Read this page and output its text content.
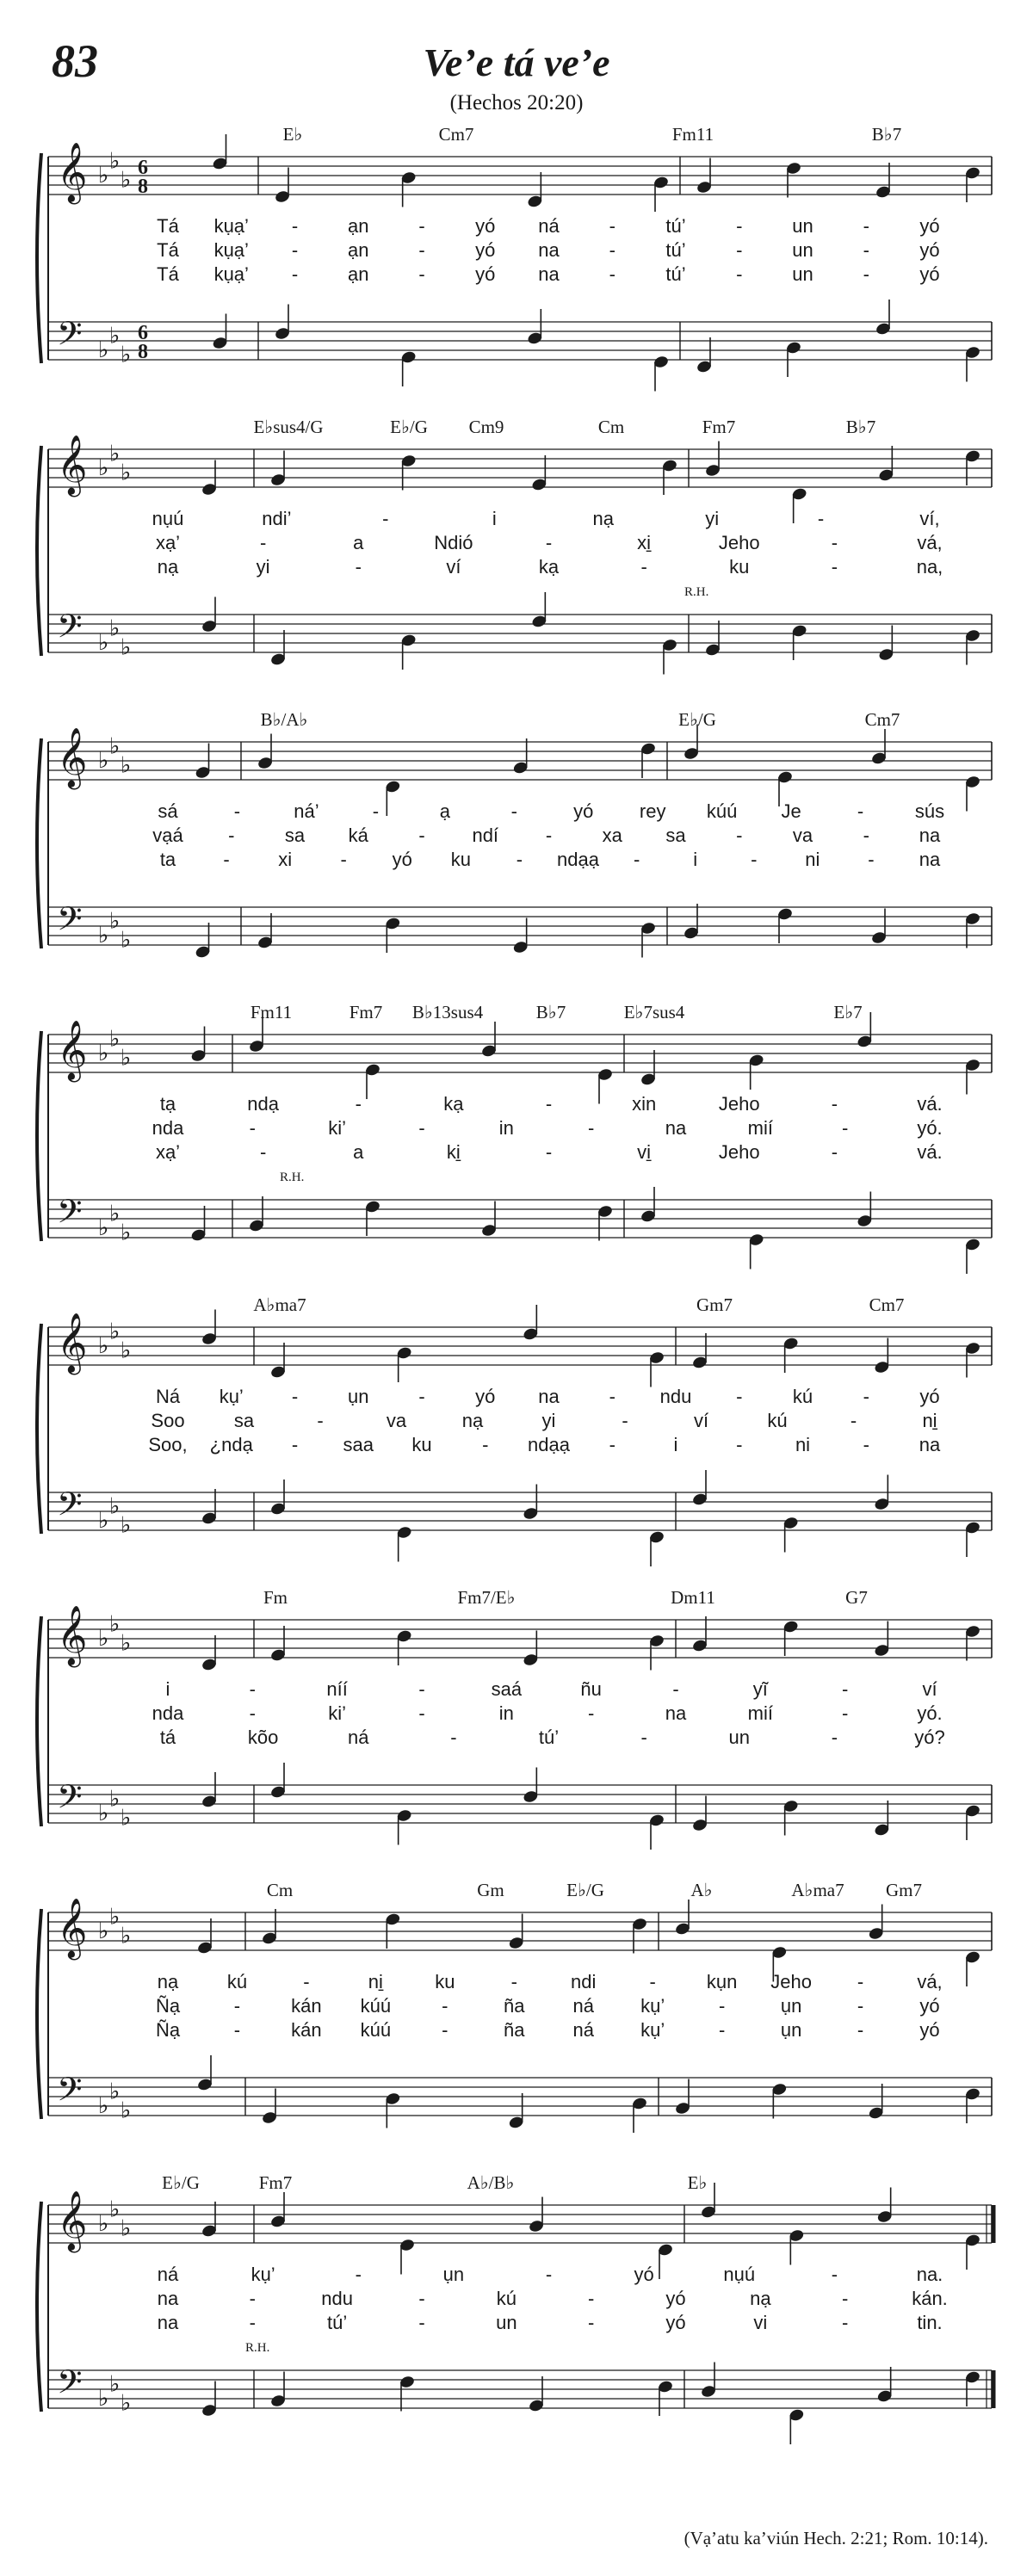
83	Ve’e tá ve’e
(Hechos 20:20)
𝄞
𝄢
♭
♭
♭
♭
♭
♭
6
6
8
8
E♭	Cm7	Fm11	B♭7
Tá kụạ’ -	ạn	-	yó ná	-	tú’	-	un	-	yó
Tá kụạ’ -	ạn	-	yó na	-	tú’	-	un	-	yó
Tá kụạ’ -	ạn	-	yó na	-	tú’	-	un	-	yó
𝄞
𝄢
♭
♭
♭
♭
♭
♭
E♭sus4/G	E♭/G Cm9	Cm	Fm7	B♭7
R.H.
nụú	ndi’	-	i	nạ	yi	-	ví,
xạ’	-	a	Ndió	-	xi̱	Jeho	-	vá,
nạ	yi	-	ví	kạ	-	ku	-	na,
𝄞
𝄢
♭
♭
♭
♭
♭
♭
B♭/A♭	E♭/G	Cm7
sá	-	ná’	-	ạ	-	yó rey kúú Je	-	sús
vạá -	sa ká	- ndí -	xa sa	-	va	-	na
ta	-	xi	- yó ku - ndạạ -	i	-	ni	- na
𝄞
𝄢
♭
♭
♭
♭
♭
♭
Fm11	Fm7 B♭13sus4	B♭7	E♭7sus4	E♭7
R.H.
tạ	ndạ	-	kạ	-	xin	Jeho	-	vá.
nda	-	ki’	-	in	-	na	mií	-	yó.
xạ’	-	a	ki̱	-	vi̱	Jeho	-	vá.
𝄞
𝄢
♭
♭
♭
♭
♭
♭
A♭ma7	Gm7	Cm7
Ná kụ’	-	ụn	-	yó na	- ndu -	kú	-	yó
Soo	sa	-	va	nạ	yi	-	ví	kú	-	ni̱
Soo, ¿ndạ - saa ku	- ndạạ -	i	-	ni	-	na
𝄞
𝄢
♭
♭
♭
♭
♭
♭
Fm	Fm7/E♭	Dm11	G7
i	-	níí	-	saá	ñu	-	yĩ	-	ví
nda	-	ki’	-	in	-	na	mií	-	yó.
tá	kõo	ná	-	tú’	-	un	-	yó?
𝄞
𝄢
♭
♭
♭
♭
♭
♭
Cm	Gm	E♭/G	A♭	A♭ma7 Gm7
nạ	kú	-	ni̱	ku	-	ndi	-	kụn Jeho -	vá,
Ñạ	-	kán kúú	-	ña	ná kụ’	-	ụn	-	yó
Ñạ	-	kán kúú	-	ña	ná kụ’	-	ụn	-	yó
𝄞
𝄢
♭
♭
♭
♭
♭
♭
E♭/G	Fm7	A♭/B♭	E♭
R.H.
ná	kụ’	-	ụn	-	yó	nụú	-	na.
na	-	ndu	-	kú	-	yó	nạ	-	kán.
na	-	tú’	-	un	-	yó	vi	-	tin.
(Vạ’atu ka’viún Hech. 2:21; Rom. 10:14).
